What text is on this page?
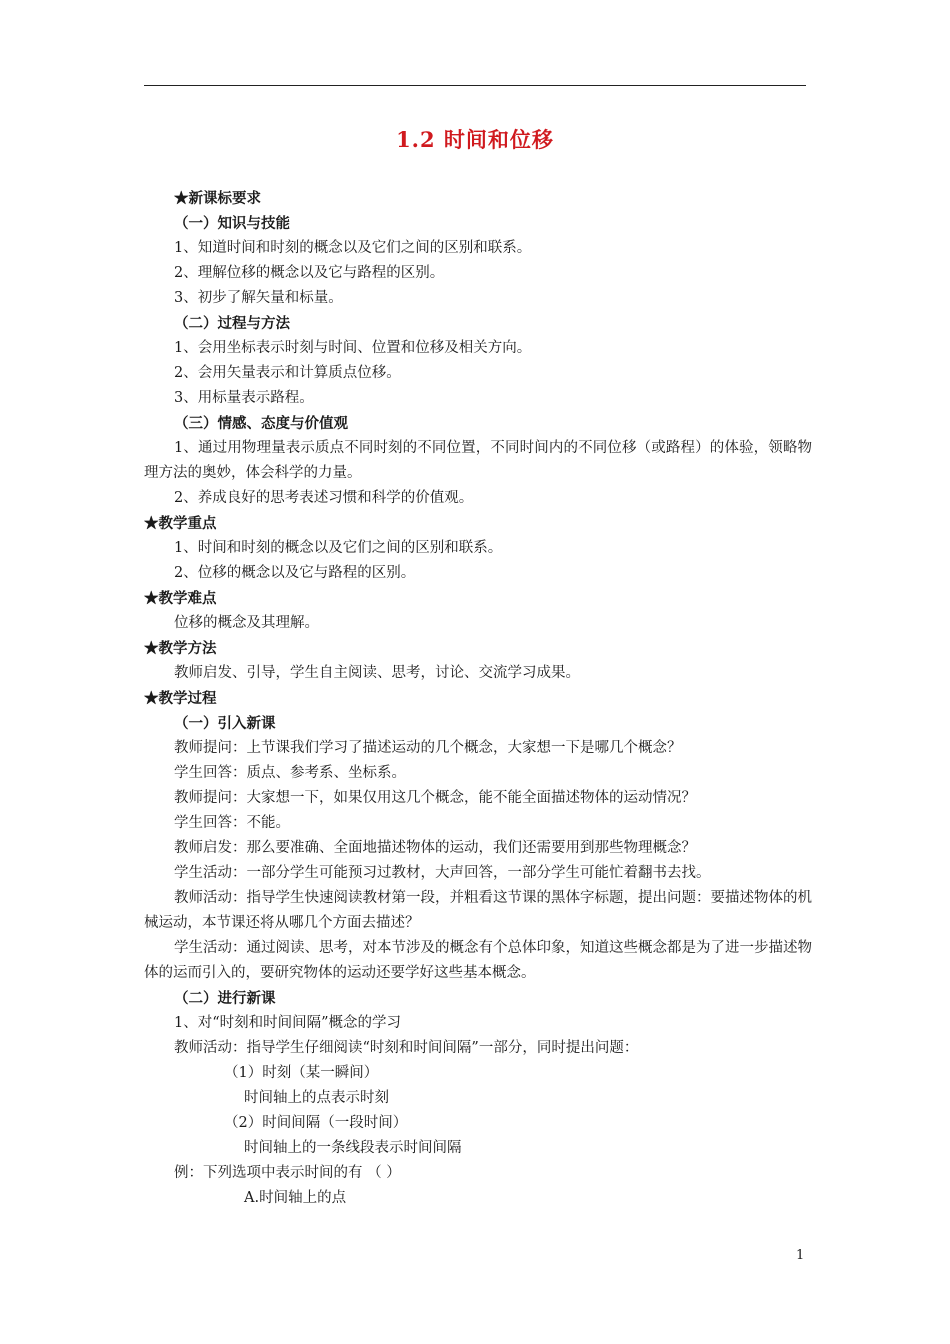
1.2 时间和位移
★新课标要求
（一）知识与技能
1、知道时间和时刻的概念以及它们之间的区别和联系。
2、理解位移的概念以及它与路程的区别。
3、初步了解矢量和标量。
（二）过程与方法
1、会用坐标表示时刻与时间、位置和位移及相关方向。
2、会用矢量表示和计算质点位移。
3、用标量表示路程。
（三）情感、态度与价值观
1、通过用物理量表示质点不同时刻的不同位置，不同时间内的不同位移（或路程）的体验，领略物理方法的奥妙，体会科学的力量。
2、养成良好的思考表述习惯和科学的价值观。
★教学重点
1、时间和时刻的概念以及它们之间的区别和联系。
2、位移的概念以及它与路程的区别。
★教学难点
位移的概念及其理解。
★教学方法
教师启发、引导，学生自主阅读、思考，讨论、交流学习成果。
★教学过程
（一）引入新课
教师提问：上节课我们学习了描述运动的几个概念，大家想一下是哪几个概念？
学生回答：质点、参考系、坐标系。
教师提问：大家想一下，如果仅用这几个概念，能不能全面描述物体的运动情况？
学生回答：不能。
教师启发：那么要准确、全面地描述物体的运动，我们还需要用到那些物理概念？
学生活动：一部分学生可能预习过教材，大声回答，一部分学生可能忙着翻书去找。
教师活动：指导学生快速阅读教材第一段，并粗看这节课的黑体字标题，提出问题：要描述物体的机械运动，本节课还将从哪几个方面去描述？
学生活动：通过阅读、思考，对本节涉及的概念有个总体印象，知道这些概念都是为了进一步描述物体的运而引入的，要研究物体的运动还要学好这些基本概念。
（二）进行新课
1、对“时刻和时间间隔”概念的学习
教师活动：指导学生仔细阅读“时刻和时间间隔”一部分，同时提出问题：
（1）时刻（某一瞬间）
时间轴上的点表示时刻
（2）时间间隔（一段时间）
时间轴上的一条线段表示时间间隔
例：下列选项中表示时间的有 （ ）
A.时间轴上的点
1
